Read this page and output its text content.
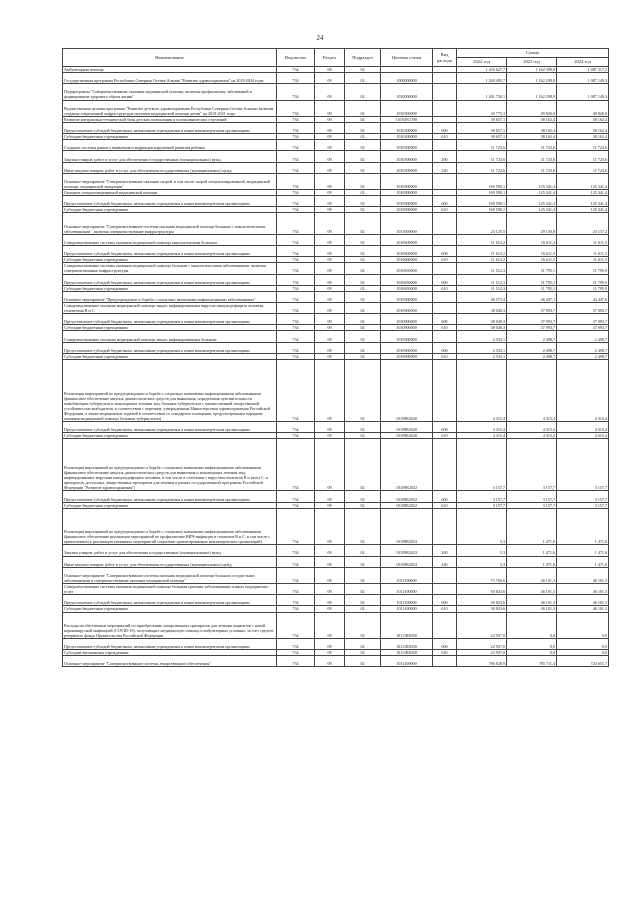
24
Наименование	Ведомство	Раздел	Подраздел	Целевая статья	Вид расхода	Сумма		
						2022 год	2023 год	2024 год
Амбулаторная помощь	734	09	02			1 245 627,7	1 162 399,0	1 087 217,3
Государственная программа Республики Северная Осетия-Алания "Развитие здравоохранения" на 2019-2024 годы	734	09	02	1000000000		1 240 495,7	1 162 299,0	1 087 149,3
Подпрограмма "Совершенствование оказания медицинской помощи, включая профилактику заболеваний и формирование здорового образа жизни"	734	09	02	1010000000		1 201 730,1	1 162 298,9	1 087 149,3
Ведомственная целевая программа "Развитие детского здравоохранения Республики Северная Осетия-Алания, включая создание современной инфраструктуры оказания медицинской помощи детям" на 2019-2021 годы	734	09	02	1010300000		30 775,3	49 826,0	49 826,0
Развитие материально-технической базы детских поликлиник и поликлинических отделений	734	09	02	10103N1700		39 657,1	38 162,4	38 162,4
Предоставление субсидий бюджетным, автономным учреждениям и иным некоммерческим организациям	734	09	02	1010300000	600	39 657,1	38 162,4	38 162,4
Субсидии бюджетным учреждениям	734	09	02	1010300000	610	39 657,1	38 162,4	38 162,4
Создание системы раннего выявления и коррекции нарушений развития ребенка	734	09	02	1010500000		11 723,6	11 723,6	11 723,6
Закупка товаров, работ и услуг для обеспечения государственных (муниципальных) нужд	734	09	02	1010500000	200	11 723,6	11 723,6	11 723,6
Иные закупки товаров, работ и услуг для обеспечения государственных (муниципальных) нужд	734	09	02	1010500000	240	11 723,6	11 723,6	11 723,6
Основное мероприятие "Совершенствование оказания скорой, в том числе скорой специализированной, медицинской помощи, медицинской эвакуации"	734	09	02	1010900000		169 590,1	125 341,4	125 341,4
Оказание специализированной медицинской помощи	734	09	02	1010900000		169 590,1	125 341,4	125 341,4
Предоставление субсидий бюджетным, автономным учреждениям и иным некоммерческим организациям	734	09	02	1010900000	600	169 590,1	125 341,4	125 341,4
Субсидии бюджетным учреждениям	734	09	02	1010900000	610	169 590,1	125 341,4	125 341,4
Основное мероприятие "Совершенствование системы оказания медицинской помощи больным с онкологическими заболеваниями", включая совершенствование инфраструктуры	734	09	02	1011000000		23 125,5	29 130,8	23 137,2
Совершенствование системы оказания медицинской помощи онкологическим больным	734	09	02	1010600000		11 613,2	16 611,3	11 611,3
Предоставление субсидий бюджетным, автономным учреждениям и иным некоммерческим организациям	734	09	02	1010600000	600	11 613,2	16 611,3	11 611,3
Субсидии бюджетным учреждениям	734	09	02	1010600000	610	11 613,2	16 611,3	11 611,3
Совершенствование системы оказания медицинской помощи больным с онкологическими заболеваниями, включая совершенствование инфраструктуры	734	09	02	1010650000		11 512,3	11 795,1	11 795,9
Предоставление субсидий бюджетным, автономным учреждениям и иным некоммерческим организациям	734	09	02	1010650000	600	11 512,3	11 795,1	11 795,9
Субсидии бюджетным учреждениям	734	09	02	1010650000	610	11 512,3	11 795,1	11 795,9
Основное мероприятие "Предупреждение и борьба с социально значимыми инфекционными заболеваниями"	734	09	02	1010900000		40 573,4	46 447,1	44 447,6
Совершенствование оказания медицинской помощи лицам, инфицированным вирусом иммунодефицита человека, гепатитами В и С	734	09	02	1010900000		38 040,3	37 993,7	37 093,7
Предоставление субсидий бюджетным, автономным учреждениям и иным некоммерческим организациям	734	09	02	1010900000	600	38 040,3	37 993,7	37 093,7
Субсидии бюджетным учреждениям	734	09	02	1010900000	610	38 040,3	37 993,7	37 093,7
Совершенствование оказания медицинской помощи лицам, инфицированным больным	734	09	02	1010900000		2 533,1	2 498,7	2 498,7
Предоставление субсидий бюджетным, автономным учреждениям и иным некоммерческим организациям	734	09	02	1010900000	600	2 533,1	2 498,7	2 498,7
Субсидии бюджетным учреждениям	734	09	02	1010900000	610	2 533,1	2 498,7	2 498,7
Реализация мероприятий по предупреждению и борьбе с социально значимыми инфекционными заболеваниями (финансовое обеспечение закупок диагностических средств для выявления, определения чувствительности микобактерии туберкулеза и мониторинга лечения лиц, больных туберкулезом с множественной лекарственной устойчивостью возбудителя, в соответствии с перечнем, утвержденным Министерством здравоохранения Российской Федерации, а также медицинских изделий в соответствии со стандартом оснащения, предусмотренным порядком оказания медицинской помощи больным туберкулезом)	734	09	02	10109R2020		4 315,4	4 315,4	4 315,4
Предоставление субсидий бюджетным, автономным учреждениям и иным некоммерческим организациям	734	09	02	10109R2020	600	4 315,4	4 315,4	4 315,4
Субсидии бюджетным учреждениям	734	09	02	10109R2020	610	4 315,4	4 315,4	4 315,4
Реализация мероприятий по предупреждению и борьбе с социально значимыми инфекционными заболеваниями (финансовое обеспечение закупок диагностических средств для выявления и мониторинга лечения лиц, инфицированных вирусами иммунодефицита человека, в том числе в сочетании с вирусами гепатитов В и (или) С, и препаратов, доступных лекарственных препаратов для лечения в рамках государственной программы Российской Федерации "Развитие здравоохранения")	734	09	02	10109R2022		3 157,7	3 157,7	3 157,7
Предоставление субсидий бюджетным, автономным учреждениям и иным некоммерческим организациям	734	09	02	10109R2022	600	3 157,7	3 157,7	3 157,7
Субсидии бюджетным учреждениям	734	09	02	10109R2022	610	3 157,7	3 157,7	3 157,7
Реализация мероприятий по предупреждению и борьбе с социально значимыми инфекционными заболеваниями (финансовое обеспечение реализации мероприятий по профилактике ВИЧ-инфекции и гепатитов В и С, в том числе с привлечением к реализации указанных мероприятий социально ориентированных некоммерческих организаций)	734	09	02	10109R2023		5,3	1 471,6	1 471,6
Закупка товаров, работ и услуг для обеспечения государственных (муниципальных) нужд	734	09	02	10109R2023	200	5,3	1 471,6	1 471,6
Иные закупки товаров, работ и услуг для обеспечения государственных (муниципальных) нужд	734	09	02	10109R2023	240	5,3	1 471,6	1 471,6
Основное мероприятие "Совершенствование системы оказания медицинской помощи больным сосудистыми заболеваниями и совершенствование оказания медицинской помощи"	734	09	02	1011100000		73 760,6	46 101,3	46 101,3
Совершенствование системы оказания медицинской помощи больным прочими заболеваниями и иных медицинских услуг	734	09	02	1011100000		50 823,6	46 101,3	46 101,3
Предоставление субсидий бюджетным, автономным учреждениям и иным некоммерческим организациям	734	09	02	1011100000	600	50 823,6	46 101,3	46 101,3
Субсидии бюджетным учреждениям	734	09	02	1011100000	610	50 823,6	46 101,3	46 101,3
Расходы на обеспечение мероприятий по приобретению лекарственных препаратов для лечения пациентов с новой коронавирусной инфекцией (COVID-19), получающих медицинскую помощь в амбулаторных условиях, за счет средств резервного фонда Правительства Российской Федерации	734	09	02	10111R8430		22 937,0	0,0	0,0
Предоставление субсидий бюджетным, автономным учреждениям и иным некоммерческим организациям	734	09	02	10111R8430	600	22 937,0	0,0	0,0
Субсидии автономным учреждениям	734	09	02	10111R8430	620	22 937,0	0,0	0,0
Основное мероприятие "Совершенствование системы лекарственного обеспечения"	734	09	02	1011200000		786 828,9	785 711,4	724 651,7
